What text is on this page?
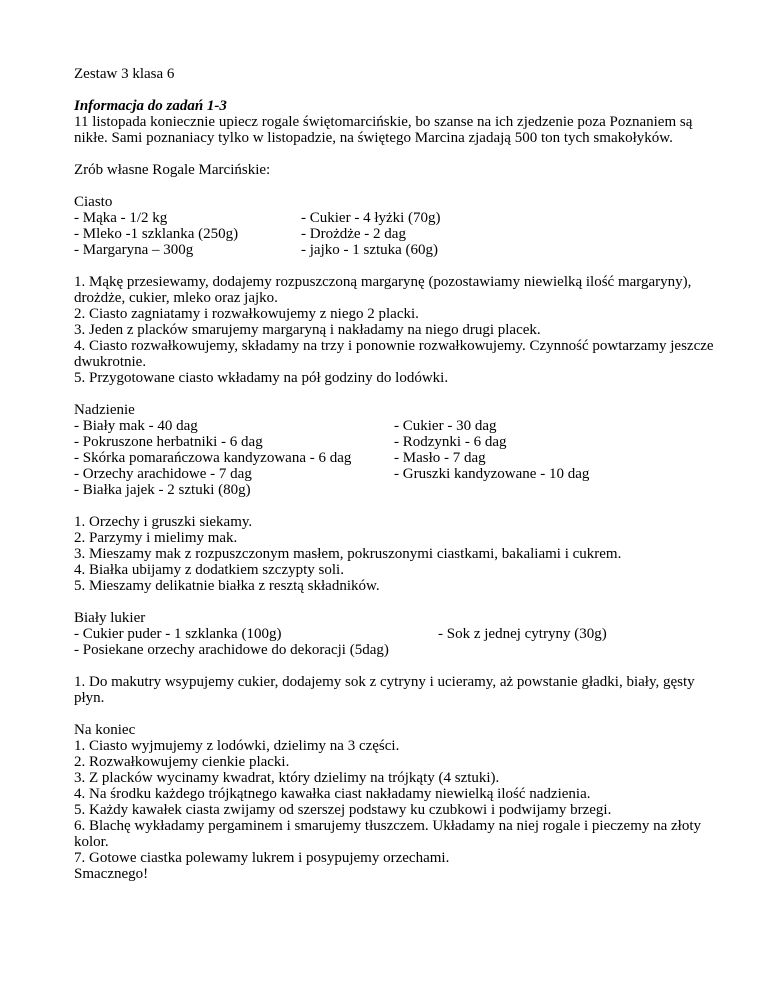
Zestaw 3 klasa 6

Informacja do zadań 1-3
11 listopada koniecznie upiecz rogale świętomarcińskie, bo szanse na ich zjedzenie poza Poznaniem są nikłe. Sami poznaniacy tylko w listopadzie, na świętego Marcina zjadają 500 ton tych smakołyków.

Zrób własne Rogale Marcińskie:

Ciasto
- Mąka - 1/2 kg
- Mleko -1 szklanka (250g)
- Margaryna – 300g
- Cukier - 4 łyżki (70g)
- Drożdże - 2 dag
- jajko - 1 sztuka (60g)
1. Mąkę przesiewamy, dodajemy rozpuszczoną margarynę (pozostawiamy niewielką ilość margaryny), drożdże, cukier, mleko oraz jajko.
2. Ciasto zagniatamy i rozwałkowujemy z niego 2 placki.
3. Jeden z placków smarujemy margaryną i nakładamy na niego drugi placek.
4. Ciasto rozwałkowujemy, składamy na trzy i ponownie rozwałkowujemy. Czynność powtarzamy jeszcze dwukrotnie.
5. Przygotowane ciasto wkładamy na pół godziny do lodówki.
Nadzienie
- Biały mak - 40 dag
- Pokruszone herbatniki - 6 dag
- Skórka pomarańczowa kandyzowana - 6 dag
- Orzechy arachidowe - 7 dag
- Białka jajek - 2 sztuki (80g)
- Cukier - 30 dag
- Rodzynki - 6 dag
- Masło - 7 dag
- Gruszki kandyzowane - 10 dag
1. Orzechy i gruszki siekamy.
2. Parzymy i mielimy mak.
3. Mieszamy mak z rozpuszczonym masłem, pokruszonymi ciastkami, bakaliami i cukrem.
4. Białka ubijamy z dodatkiem szczypty soli.
5. Mieszamy delikatnie białka z resztą składników.
Biały lukier
- Cukier puder - 1 szklanka (100g)
- Posiekane orzechy arachidowe do dekoracji (5dag)
- Sok z jednej cytryny (30g)
1. Do makutry wsypujemy cukier, dodajemy sok z cytryny i ucieramy, aż powstanie gładki, biały, gęsty płyn.
Na koniec
1. Ciasto wyjmujemy z lodówki, dzielimy na 3 części.
2. Rozwałkowujemy cienkie placki.
3. Z placków wycinamy kwadrat, który dzielimy na trójkąty (4 sztuki).
4. Na środku każdego trójkątnego kawałka ciast nakładamy niewielką ilość nadzienia.
5. Każdy kawałek ciasta zwijamy od szerszej podstawy ku czubkowi i podwijamy brzegi.
6. Blachę wykładamy pergaminem i smarujemy tłuszczem. Układamy na niej rogale i pieczemy na złoty kolor.
7. Gotowe ciastka polewamy lukrem i posypujemy orzechami.
Smacznego!
